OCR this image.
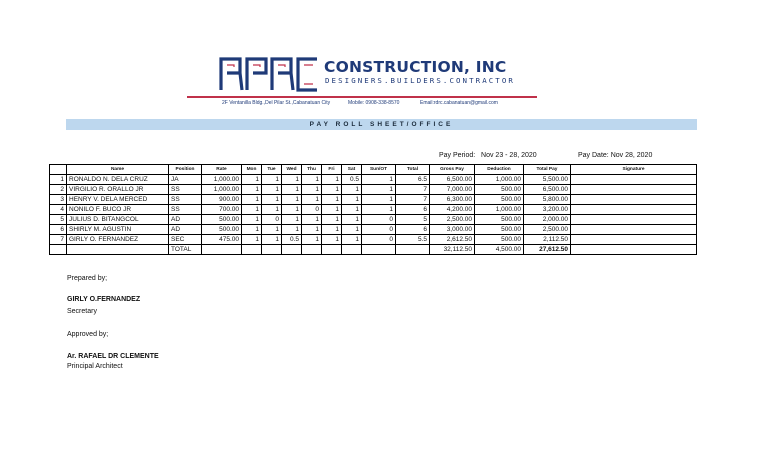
CONSTRUCTION, INC
DESIGNERS.BUILDERS.CONTRACTOR
2F Ventanilla Bldg.,Del Pilar St.,Cabanatuan City	Mobile: 0908-338-8570	Email:rdrc.cabanatuan@gmail.com
PAY ROLL SHEET/OFFICE
Pay Period: Nov 23 - 28, 2020	Pay Date: Nov 28, 2020
	Name	Position	Rate	Mon	Tue	Wed	Thu	Fri	Sat	Sun/OT	Total	Gross Pay	Deduction	Total Pay	Signature
1	RONALDO N. DELA CRUZ	JA	1,000.00	1	1	1	1	1	0.5	1	6.5	6,500.00	1,000.00	5,500.00	
2	VIRGILIO R. ORALLO JR	SS	1,000.00	1	1	1	1	1	1	1	7	7,000.00	500.00	6,500.00	
3	HENRY V. DELA MERCED	SS	900.00	1	1	1	1	1	1	1	7	6,300.00	500.00	5,800.00	
4	NONILO F. BUCO JR	SS	700.00	1	1	1	0	1	1	1	6	4,200.00	1,000.00	3,200.00	
5	JULIUS D. BITANGCOL	AD	500.00	1	0	1	1	1	1	0	5	2,500.00	500.00	2,000.00	
6	SHIRLY M. AGUSTIN	AD	500.00	1	1	1	1	1	1	0	6	3,000.00	500.00	2,500.00	
7	GIRLY O. FERNANDEZ	SEC	475.00	1	1	0.5	1	1	1	0	5.5	2,612.50	500.00	2,112.50	
		TOTAL										32,112.50	4,500.00	27,612.50	
Prepared by;
GIRLY O.FERNANDEZ
Secretary
Approved by;
Ar. RAFAEL DR CLEMENTE
Principal Architect
